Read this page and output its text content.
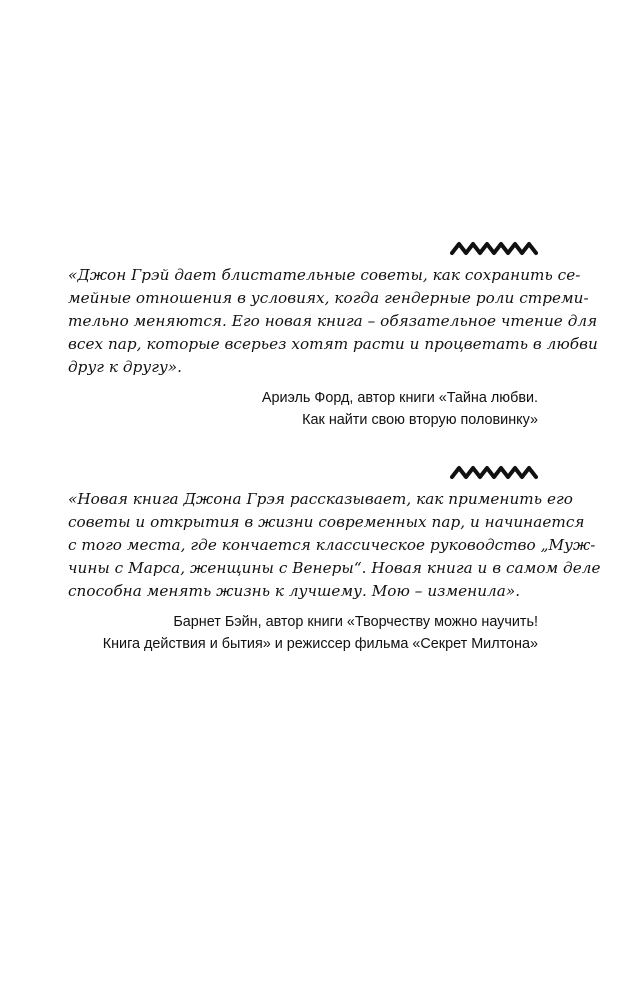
«Джон Грэй дает блистательные советы, как сохранить се-
мейные отношения в условиях, когда гендерные роли стреми-
тельно меняются. Его новая книга – обязательное чтение для
всех пар, которые всерьез хотят расти и процветать в любви
друг к другу».
Ариэль Форд, автор книги «Тайна любви.
Как найти свою вторую половинку»
«Новая книга Джона Грэя рассказывает, как применить его
советы и открытия в жизни современных пар, и начинается
с того места, где кончается классическое руководство „Муж-
чины с Марса, женщины с Венеры“. Новая книга и в самом деле
способна менять жизнь к лучшему. Мою – изменила».
Барнет Бэйн, автор книги «Творчеству можно научить!
Книга действия и бытия» и режиссер фильма «Секрет Милтона»
